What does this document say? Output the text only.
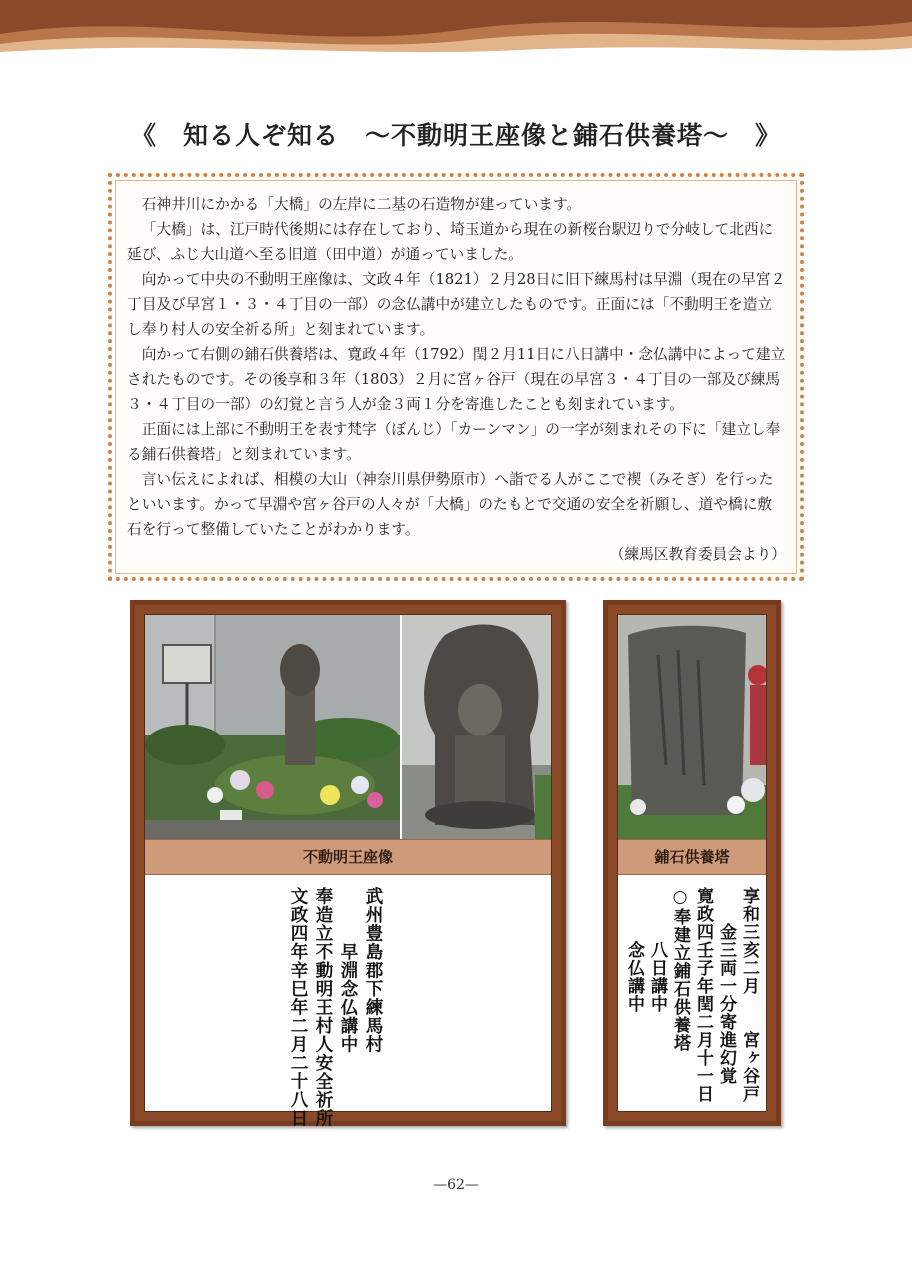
《　知る人ぞ知る　〜不動明王座像と鋪石供養塔〜　》

石神井川にかかる「大橋」の左岸に二基の石造物が建っています。

「大橋」は、江戸時代後期には存在しており、埼玉道から現在の新桜台駅辺りで分岐して北西に延び、ふじ大山道へ至る旧道（田中道）が通っていました。

向かって中央の不動明王座像は、文政４年（1821）２月28日に旧下練馬村は早淵（現在の早宮２丁目及び早宮１・３・４丁目の一部）の念仏講中が建立したものです。正面には「不動明王を造立し奉り村人の安全祈る所」と刻まれています。

向かって右側の鋪石供養塔は、寛政４年（1792）閏２月11日に八日講中・念仏講中によって建立されたものです。その後享和３年（1803）２月に宮ヶ谷戸（現在の早宮３・４丁目の一部及び練馬３・４丁目の一部）の幻覚と言う人が金３両１分を寄進したことも刻まれています。

正面には上部に不動明王を表す梵字（ぼんじ）「カーンマン」の一字が刻まれその下に「建立し奉る鋪石供養塔」と刻まれています。

言い伝えによれば、相模の大山（神奈川県伊勢原市）へ詣でる人がここで禊（みそぎ）を行ったといいます。かって早淵や宮ヶ谷戸の人々が「大橋」のたもとで交通の安全を祈願し、道や橋に敷石を行って整備していたことがわかります。

（練馬区教育委員会より）

不動明王座像
武州豊島郡下練馬村
　　　早淵念仏講中
奉造立不動明王村人安全祈所
文政四年辛巳年二月二十八日
鋪石供養塔
享和三亥二月　　宮ヶ谷戸
　　金三両一分寄進幻覚
寛政四壬子年閏二月十一日
○奉建立鋪石供養塔
　　　八日講中
　　　念仏講中
—62—
